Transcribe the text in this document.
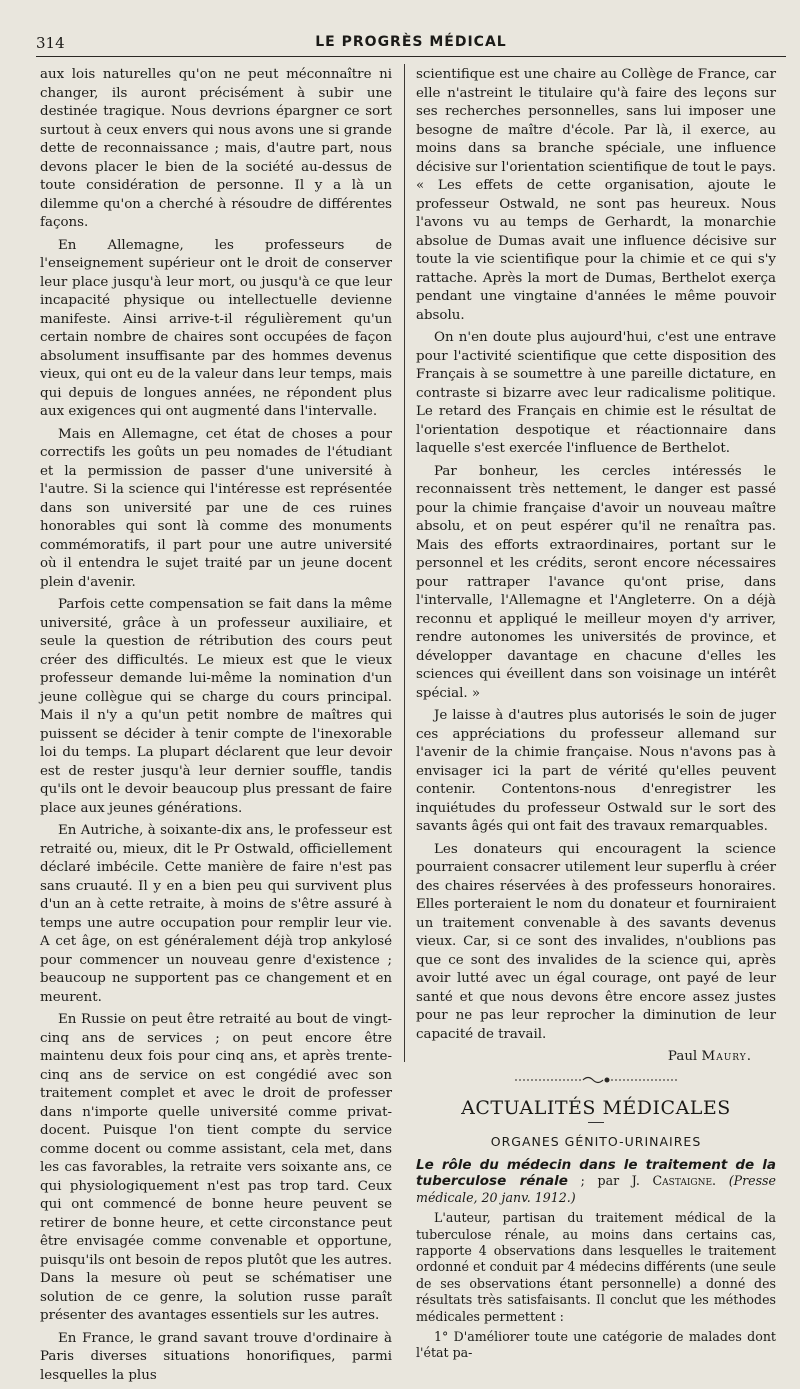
314	LE PROGRÈS MÉDICAL

aux lois naturelles qu'on ne peut méconnaître ni changer, ils auront précisément à subir une destinée tragique. Nous devrions épargner ce sort surtout à ceux envers qui nous avons une si grande dette de reconnaissance ; mais, d'autre part, nous devons placer le bien de la société au-dessus de toute considération de personne. Il y a là un dilemme qu'on a cherché à résoudre de différentes façons.

En Allemagne, les professeurs de l'enseignement supérieur ont le droit de conserver leur place jusqu'à leur mort, ou jusqu'à ce que leur incapacité physique ou intellectuelle devienne manifeste. Ainsi arrive-t-il régulièrement qu'un certain nombre de chaires sont occupées de façon absolument insuffisante par des hommes devenus vieux, qui ont eu de la valeur dans leur temps, mais qui depuis de longues années, ne répondent plus aux exigences qui ont augmenté dans l'intervalle.

Mais en Allemagne, cet état de choses a pour correctifs les goûts un peu nomades de l'étudiant et la permission de passer d'une université à l'autre. Si la science qui l'intéresse est représentée dans son université par une de ces ruines honorables qui sont là comme des monuments commémoratifs, il part pour une autre université où il entendra le sujet traité par un jeune docent plein d'avenir.

Parfois cette compensation se fait dans la même université, grâce à un professeur auxiliaire, et seule la question de rétribution des cours peut créer des difficultés. Le mieux est que le vieux professeur demande lui-même la nomination d'un jeune collègue qui se charge du cours principal. Mais il n'y a qu'un petit nombre de maîtres qui puissent se décider à tenir compte de l'inexorable loi du temps. La plupart déclarent que leur devoir est de rester jusqu'à leur dernier souffle, tandis qu'ils ont le devoir beaucoup plus pressant de faire place aux jeunes générations.

En Autriche, à soixante-dix ans, le professeur est retraité ou, mieux, dit le Pr Ostwald, officiellement déclaré imbécile. Cette manière de faire n'est pas sans cruauté. Il y en a bien peu qui survivent plus d'un an à cette retraite, à moins de s'être assuré à temps une autre occupation pour remplir leur vie. A cet âge, on est généralement déjà trop ankylosé pour commencer un nouveau genre d'existence ; beaucoup ne supportent pas ce changement et en meurent.

En Russie on peut être retraité au bout de vingt-cinq ans de services ; on peut encore être maintenu deux fois pour cinq ans, et après trente-cinq ans de service on est congédié avec son traitement complet et avec le droit de professer dans n'importe quelle université comme privat-docent. Puisque l'on tient compte du service comme docent ou comme assistant, cela met, dans les cas favorables, la retraite vers soixante ans, ce qui physiologiquement n'est pas trop tard. Ceux qui ont commencé de bonne heure peuvent se retirer de bonne heure, et cette circonstance peut être envisagée comme convenable et opportune, puisqu'ils ont besoin de repos plutôt que les autres. Dans la mesure où peut se schématiser une solution de ce genre, la solution russe paraît présenter des avantages essentiels sur les autres.

En France, le grand savant trouve d'ordinaire à Paris diverses situations honorifiques, parmi lesquelles la plus

scientifique est une chaire au Collège de France, car elle n'astreint le titulaire qu'à faire des leçons sur ses recherches personnelles, sans lui imposer une besogne de maître d'école. Par là, il exerce, au moins dans sa branche spéciale, une influence décisive sur l'orientation scientifique de tout le pays. « Les effets de cette organisation, ajoute le professeur Ostwald, ne sont pas heureux. Nous l'avons vu au temps de Gerhardt, la monarchie absolue de Dumas avait une influence décisive sur toute la vie scientifique pour la chimie et ce qui s'y rattache. Après la mort de Dumas, Berthelot exerça pendant une vingtaine d'années le même pouvoir absolu.

On n'en doute plus aujourd'hui, c'est une entrave pour l'activité scientifique que cette disposition des Français à se soumettre à une pareille dictature, en contraste si bizarre avec leur radicalisme politique. Le retard des Français en chimie est le résultat de l'orientation despotique et réactionnaire dans laquelle s'est exercée l'influence de Berthelot.

Par bonheur, les cercles intéressés le reconnaissent très nettement, le danger est passé pour la chimie française d'avoir un nouveau maître absolu, et on peut espérer qu'il ne renaîtra pas. Mais des efforts extraordinaires, portant sur le personnel et les crédits, seront encore nécessaires pour rattraper l'avance qu'ont prise, dans l'intervalle, l'Allemagne et l'Angleterre. On a déjà reconnu et appliqué le meilleur moyen d'y arriver, rendre autonomes les universités de province, et développer davantage en chacune d'elles les sciences qui éveillent dans son voisinage un intérêt spécial. »

Je laisse à d'autres plus autorisés le soin de juger ces appréciations du professeur allemand sur l'avenir de la chimie française. Nous n'avons pas à envisager ici la part de vérité qu'elles peuvent contenir. Contentons-nous d'enregistrer les inquiétudes du professeur Ostwald sur le sort des savants âgés qui ont fait des travaux remarquables.

Les donateurs qui encouragent la science pourraient consacrer utilement leur superflu à créer des chaires réservées à des professeurs honoraires. Elles porteraient le nom du donateur et fourniraient un traitement convenable à des savants devenus vieux. Car, si ce sont des invalides, n'oublions pas que ce sont des invalides de la science qui, après avoir lutté avec un égal courage, ont payé de leur santé et que nous devons être encore assez justes pour ne pas leur reprocher la diminution de leur capacité de travail.

Paul Maury.
ACTUALITÉS MÉDICALES
ORGANES GÉNITO-URINAIRES

Le rôle du médecin dans le traitement de la tuberculose rénale ; par J. Castaigne. (Presse médicale, 20 janv. 1912.)

L'auteur, partisan du traitement médical de la tuberculose rénale, au moins dans certains cas, rapporte 4 observations dans lesquelles le traitement ordonné et conduit par 4 médecins différents (une seule de ses observations étant personnelle) a donné des résultats très satisfaisants. Il conclut que les méthodes médicales permettent :

1° D'améliorer toute une catégorie de malades dont l'état pa-
